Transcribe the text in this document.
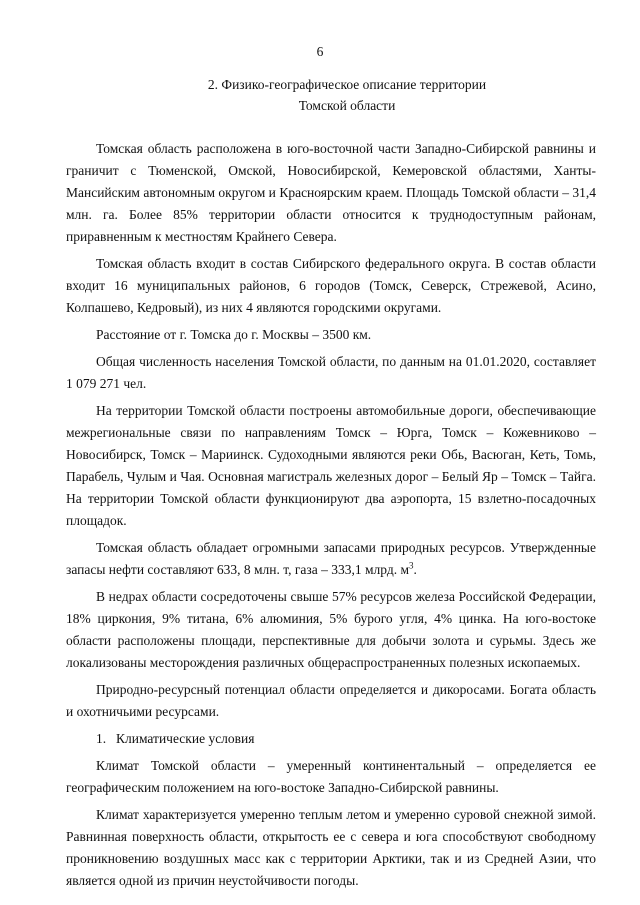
6
2. Физико-географическое описание территории
Томской области

Томская область расположена в юго-восточной части Западно-Сибирской равнины и граничит с Тюменской, Омской, Новосибирской, Кемеровской областями, Ханты-Мансийским автономным округом и Красноярским краем. Площадь Томской области – 31,4 млн. га. Более 85% территории области относится к труднодоступным районам, приравненным к местностям Крайнего Севера.

Томская область входит в состав Сибирского федерального округа. В состав области входит 16 муниципальных районов, 6 городов (Томск, Северск, Стрежевой, Асино, Колпашево, Кедровый), из них 4 являются городскими округами.

Расстояние от г. Томска до г. Москвы – 3500 км.

Общая численность населения Томской области, по данным на 01.01.2020, составляет 1 079 271 чел.

На территории Томской области построены автомобильные дороги, обеспечивающие межрегиональные связи по направлениям Томск – Юрга, Томск – Кожевниково – Новосибирск, Томск – Мариинск. Судоходными являются реки Обь, Васюган, Кеть, Томь, Парабель, Чулым и Чая. Основная магистраль железных дорог – Белый Яр – Томск – Тайга. На территории Томской области функционируют два аэропорта, 15 взлетно-посадочных площадок.

Томская область обладает огромными запасами природных ресурсов. Утвержденные запасы нефти составляют 633, 8 млн. т, газа – 333,1 млрд. $м^3$.

В недрах области сосредоточены свыше 57% ресурсов железа Российской Федерации, 18% циркония, 9% титана, 6% алюминия, 5% бурого угля, 4% цинка. На юго-востоке области расположены площади, перспективные для добычи золота и сурьмы. Здесь же локализованы месторождения различных общераспространенных полезных ископаемых.

Природно-ресурсный потенциал области определяется и дикоросами. Богата область и охотничьими ресурсами.

1. Климатические условия

Климат Томской области – умеренный континентальный – определяется ее географическим положением на юго-востоке Западно-Сибирской равнины.

Климат характеризуется умеренно теплым летом и умеренно суровой снежной зимой. Равнинная поверхность области, открытость ее с севера и юга способствуют свободному проникновению воздушных масс как с территории Арктики, так и из Средней Азии, что является одной из причин неустойчивости погоды.
